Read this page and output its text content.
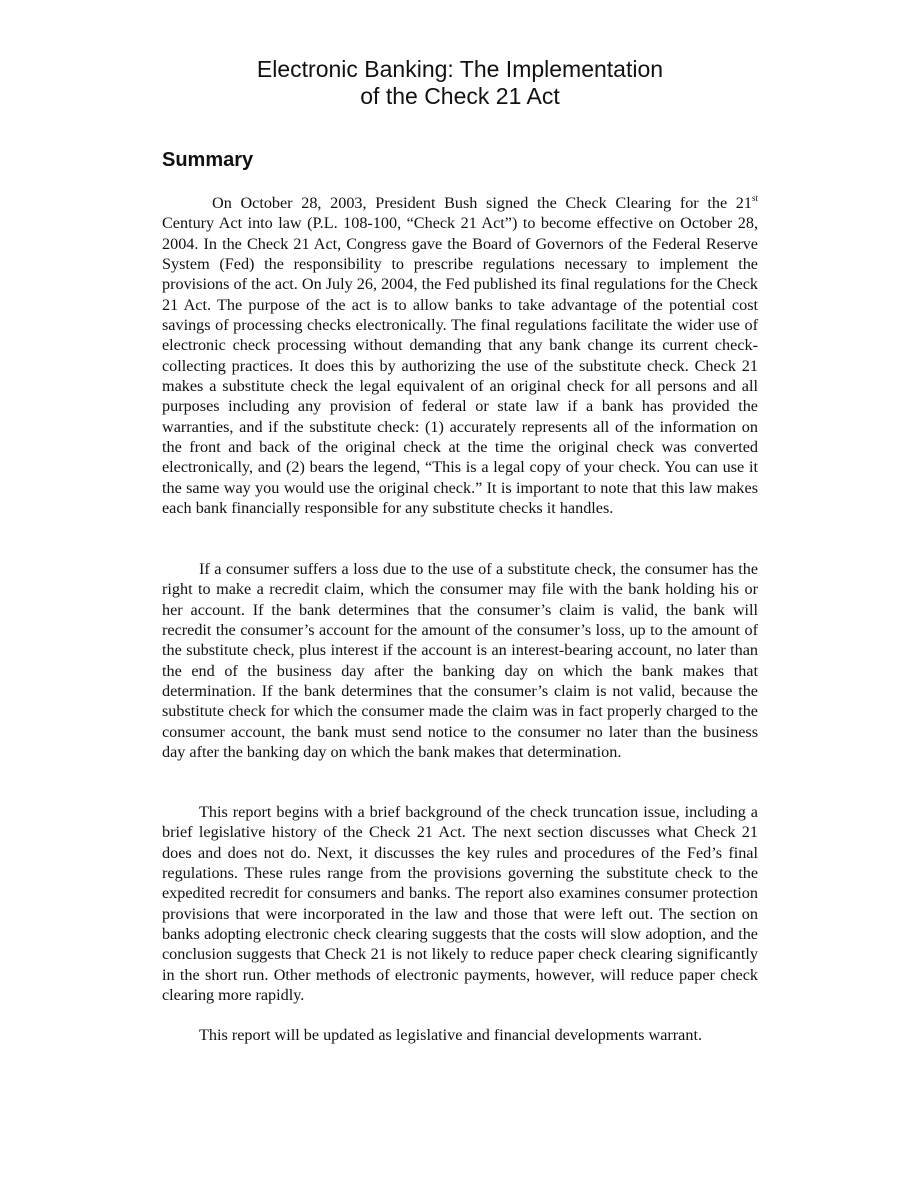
Electronic Banking: The Implementation
of the Check 21 Act
Summary

On October 28, 2003, President Bush signed the Check Clearing for the 21st Century Act into law (P.L. 108-100, “Check 21 Act”) to become effective on October 28, 2004. In the Check 21 Act, Congress gave the Board of Governors of the Federal Reserve System (Fed) the responsibility to prescribe regulations necessary to implement the provisions of the act. On July 26, 2004, the Fed published its final regulations for the Check 21 Act. The purpose of the act is to allow banks to take advantage of the potential cost savings of processing checks electronically. The final regulations facilitate the wider use of electronic check processing without demanding that any bank change its current check-collecting practices. It does this by authorizing the use of the substitute check. Check 21 makes a substitute check the legal equivalent of an original check for all persons and all purposes including any provision of federal or state law if a bank has provided the warranties, and if the substitute check: (1) accurately represents all of the information on the front and back of the original check at the time the original check was converted electronically, and (2) bears the legend, “This is a legal copy of your check. You can use it the same way you would use the original check.” It is important to note that this law makes each bank financially responsible for any substitute checks it handles.

If a consumer suffers a loss due to the use of a substitute check, the consumer has the right to make a recredit claim, which the consumer may file with the bank holding his or her account. If the bank determines that the consumer’s claim is valid, the bank will recredit the consumer’s account for the amount of the consumer’s loss, up to the amount of the substitute check, plus interest if the account is an interest-bearing account, no later than the end of the business day after the banking day on which the bank makes that determination. If the bank determines that the consumer’s claim is not valid, because the substitute check for which the consumer made the claim was in fact properly charged to the consumer account, the bank must send notice to the consumer no later than the business day after the banking day on which the bank makes that determination.

This report begins with a brief background of the check truncation issue, including a brief legislative history of the Check 21 Act. The next section discusses what Check 21 does and does not do. Next, it discusses the key rules and procedures of the Fed’s final regulations. These rules range from the provisions governing the substitute check to the expedited recredit for consumers and banks. The report also examines consumer protection provisions that were incorporated in the law and those that were left out. The section on banks adopting electronic check clearing suggests that the costs will slow adoption, and the conclusion suggests that Check 21 is not likely to reduce paper check clearing significantly in the short run. Other methods of electronic payments, however, will reduce paper check clearing more rapidly.

This report will be updated as legislative and financial developments warrant.
